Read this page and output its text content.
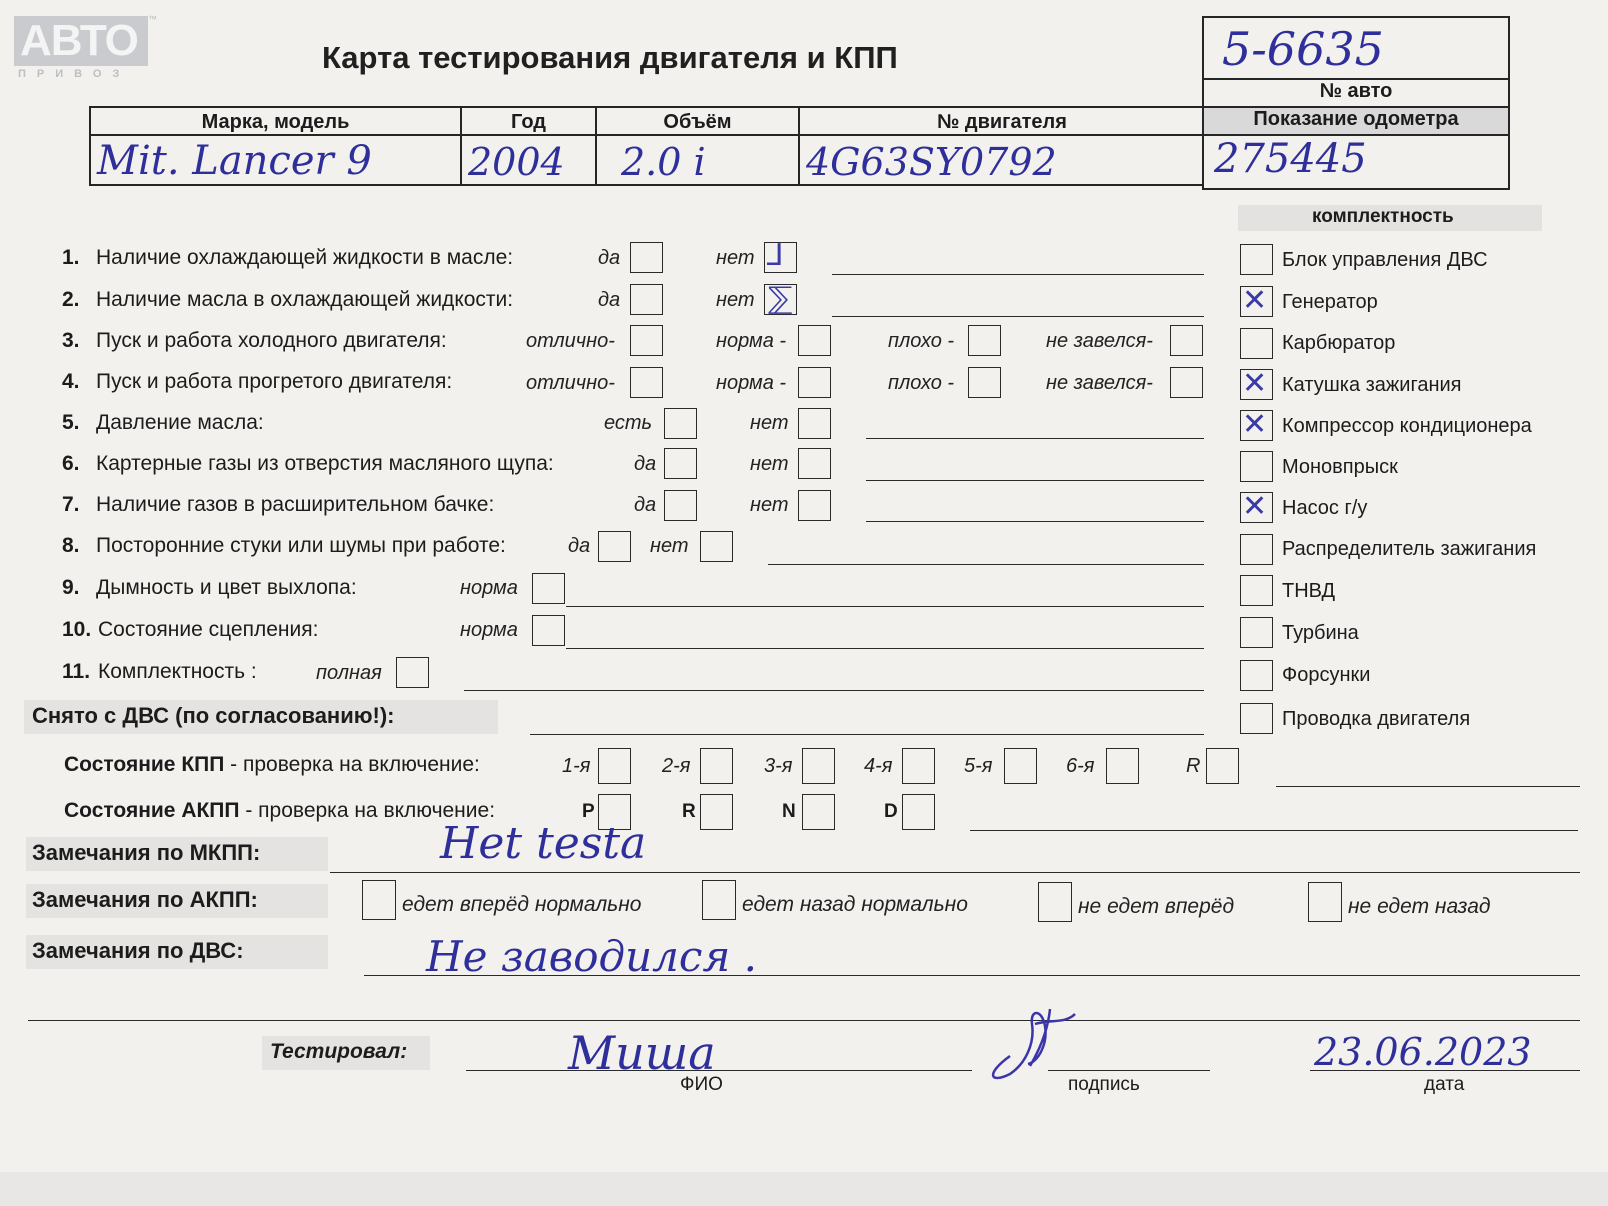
АВТО
ПРИВОЗ
™
Карта тестирования двигателя и КПП	5-6635
№ авто
Показание одометра
275445
Марка, модель
Mit. Lancer 9
Год
2004
Объём
2.0 i
№ двигателя
4G63SY0792
комплектность
1. Наличие охлаждающей жидкости в масле:	да	нет ⅃
2. Наличие масла в охлаждающей жидкости:	да	нет ⅀
3. Пуск и работа холодного двигателя:	отлично-	норма -	плохо -	не завелся-
4. Пуск и работа прогретого двигателя:	отлично-	норма -	плохо -	не завелся-
5. Давление масла:	есть	нет
6. Картерные газы из отверстия масляного щупа:	да	нет
7. Наличие газов в расширительном бачке:	да	нет
8. Посторонние стуки или шумы при работе:	да	нет
9. Дымность и цвет выхлопа:	норма
10. Состояние сцепления:	норма
11. Комплектность :	полная
Снято с ДВС (по согласованию!):
Блок управления ДВС
✕ Генератор
Карбюратор
✕ Катушка зажигания
✕ Компрессор кондиционера
Моновпрыск
✕ Насос г/у
Распределитель зажигания
ТНВД
Турбина
Форсунки
Проводка двигателя
Состояние КПП - проверка на включение:	1-я	2-я	3-я	4-я	5-я	6-я	R
Состояние АКПП - проверка на включение:	P	R	N	D
Замечания по МКПП:	Het testa
Замечания по АКПП:	едет вперёд нормально	едет назад нормально	не едет вперёд	не едет назад
Замечания по ДВС:	Не заводился .
Тестировал:	Миша
ФИО	подпись
23.06.2023
дата
